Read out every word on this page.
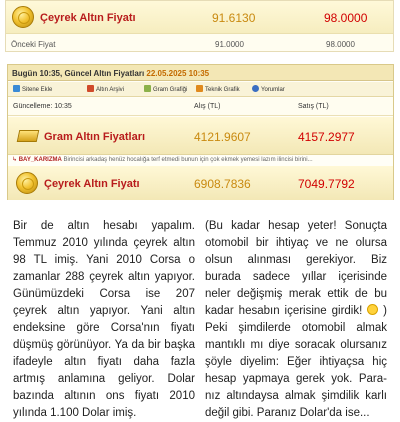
Çeyrek Altın Fiyatı	91.6130	98.0000
Önceki Fiyat	91.0000	98.0000
Bugün 10:35, Güncel Altın Fiyatları 22.05.2025 10:35
Sitene Ekle	Altın Arşivi	Gram Grafiği	Teknik Grafik	Yorumlar
Güncelleme: 10:35	Alış (TL)	Satış (TL)
Gram Altın Fiyatları	4121.9607	4157.2977
↳ BAY_KARIZMA Birincisi arkadaş henüz hocalığa terf etmedi bunun için çok ekmek yemesi lazım ilincisi birini...
Çeyrek Altın Fiyatı	6908.7836	7049.7792
Bir de altın hesabı yapalım. Temmuz 2010 yılında çeyrek altın 98 TL imiş. Yani 2010 Corsa o zamanlar 288 çeyrek altın yapıyor. Günümüzdeki Corsa ise 207 çeyrek altın yapıyor. Yani altın endeksine göre Corsa'nın fiyatı düşmüş görünüyor. Ya da bir başka ifadeyle altın fiyatı daha fazla artmış anlamına geliyor. Dolar bazında altının ons fiyatı 2010 yılında 1.100 Dolar imiş.
(Bu kadar hesap yeter! Sonuçta otomobil bir ihtiyaç ve ne olursa olsun alınması gerekiyor. Biz burada sadece yıllar içerisinde neler değişmiş merak ettik de bu kadar hesabın içerisine girdik! ) Peki şimdilerde otomobil almak mantıklı mı diye soracak olursanız şöyle diyelim: Eğer ihtiyaçsa hiç hesap yapmaya gerek yok. Para-nız altındaysa almak şimdilik karlı değil gibi. Paranız Dolar'da ise...
